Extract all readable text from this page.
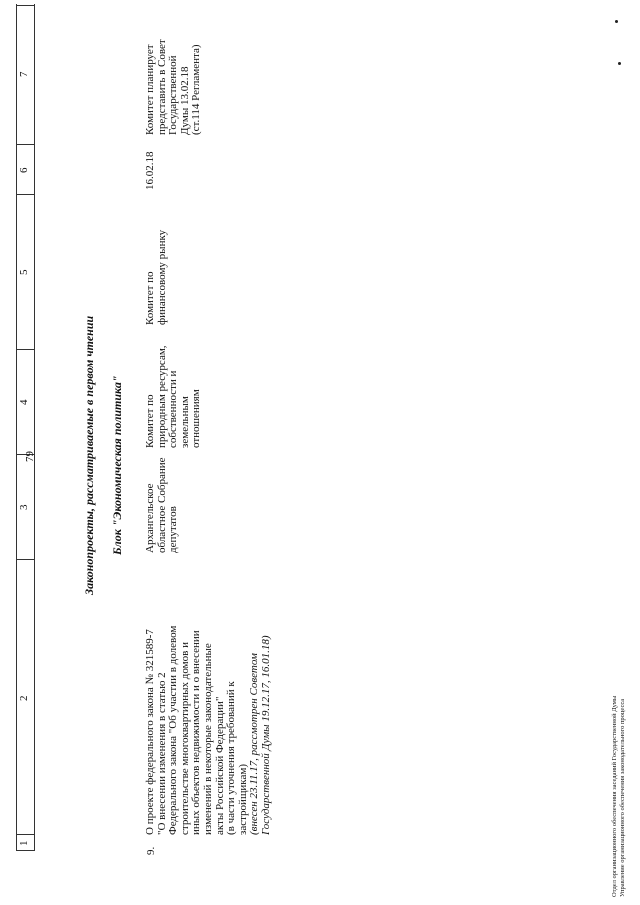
1
2
3
4
5
6
7
79	Законопроекты, рассматриваемые в первом чтении Блок "Экономическая политика"
9.
О проекте федерального закона № 321589-7
"О внесении изменения в статью 2
Федерального закона "Об участии в долевом
строительстве многоквартирных домов и
иных объектов недвижимости и о внесении
изменений в некоторые законодательные
акты Российской Федерации"
(в части уточнения требований к
застройщикам) (внесен 23.11.17, рассмотрен Советом
Государственной Думы 19.12.17, 16.01.18)
Архангельское
областное Собрание
депутатов
Комитет по
природным ресурсам,
собственности и
земельным
отношениям
Комитет по
финансовому рынку
16.02.18
Комитет планирует
представить в Совет
Государственной
Думы 13.02.18
(ст.114 Регламента)
Отдел организационного обеспечения заседаний Государственной Думы
Управление организационного обеспечения законодательного процесса
